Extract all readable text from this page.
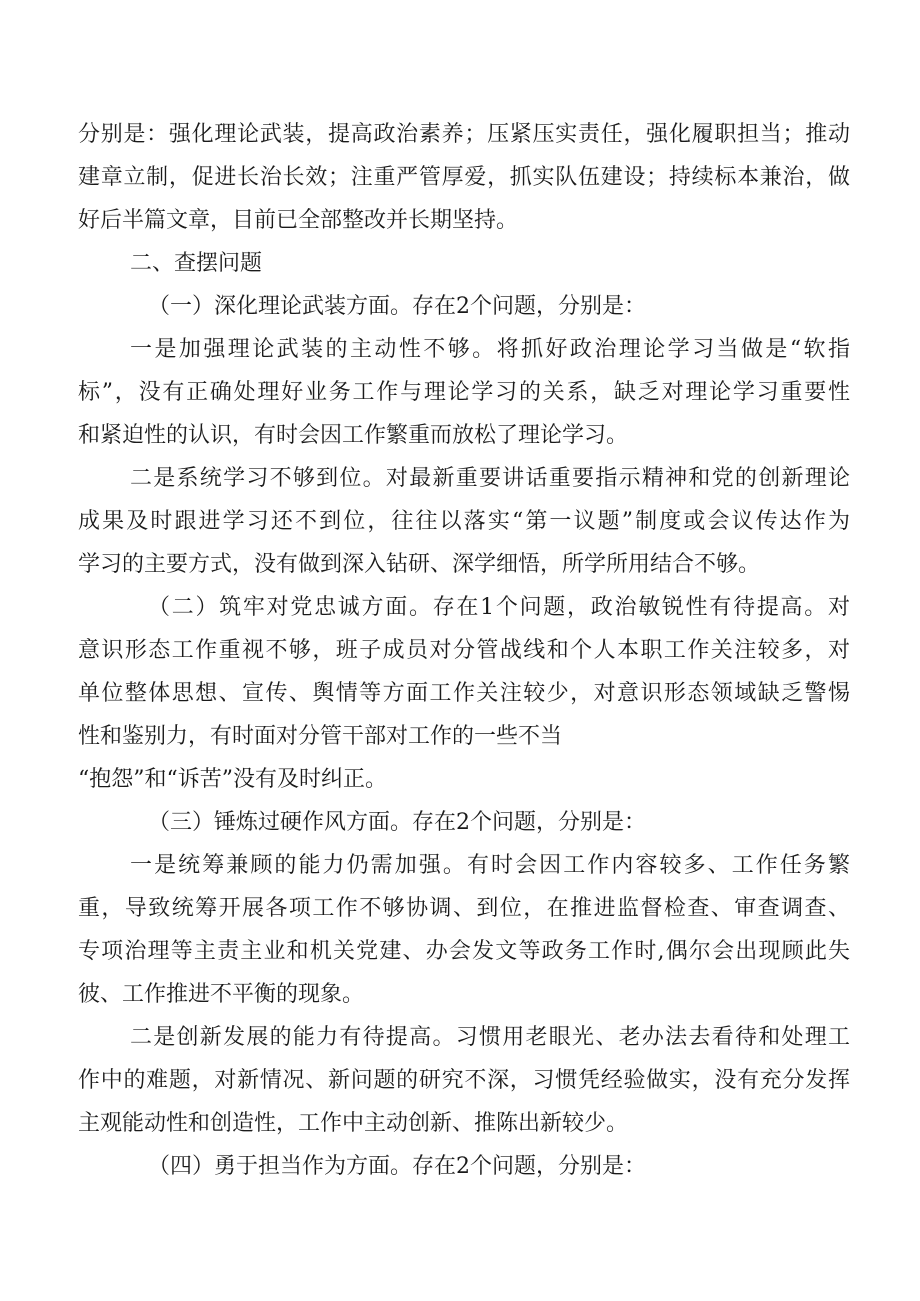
分别是：强化理论武装，提高政治素养；压紧压实责任，强化履职担当；推动
建章立制，促进长治长效；注重严管厚爱，抓实队伍建设；持续标本兼治，做
好后半篇文章，目前已全部整改并长期坚持。
二、查摆问题
（一）深化理论武装方面。存在2个问题，分别是：
一是加强理论武装的主动性不够。将抓好政治理论学习当做是“软指
标”，没有正确处理好业务工作与理论学习的关系，缺乏对理论学习重要性
和紧迫性的认识，有时会因工作繁重而放松了理论学习。
二是系统学习不够到位。对最新重要讲话重要指示精神和党的创新理论
成果及时跟进学习还不到位，往往以落实“第一议题”制度或会议传达作为
学习的主要方式，没有做到深入钻研、深学细悟，所学所用结合不够。
（二）筑牢对党忠诚方面。存在1个问题，政治敏锐性有待提高。对
意识形态工作重视不够，班子成员对分管战线和个人本职工作关注较多，对
单位整体思想、宣传、舆情等方面工作关注较少，对意识形态领域缺乏警惕
性和鉴别力，有时面对分管干部对工作的一些不当
“抱怨”和“诉苦”没有及时纠正。
（三）锤炼过硬作风方面。存在2个问题，分别是：
一是统筹兼顾的能力仍需加强。有时会因工作内容较多、工作任务繁
重，导致统筹开展各项工作不够协调、到位，在推进监督检查、审查调查、
专项治理等主责主业和机关党建、办会发文等政务工作时,偶尔会出现顾此失
彼、工作推进不平衡的现象。
二是创新发展的能力有待提高。习惯用老眼光、老办法去看待和处理工
作中的难题，对新情况、新问题的研究不深，习惯凭经验做实，没有充分发挥
主观能动性和创造性，工作中主动创新、推陈出新较少。
（四）勇于担当作为方面。存在2个问题，分别是：
